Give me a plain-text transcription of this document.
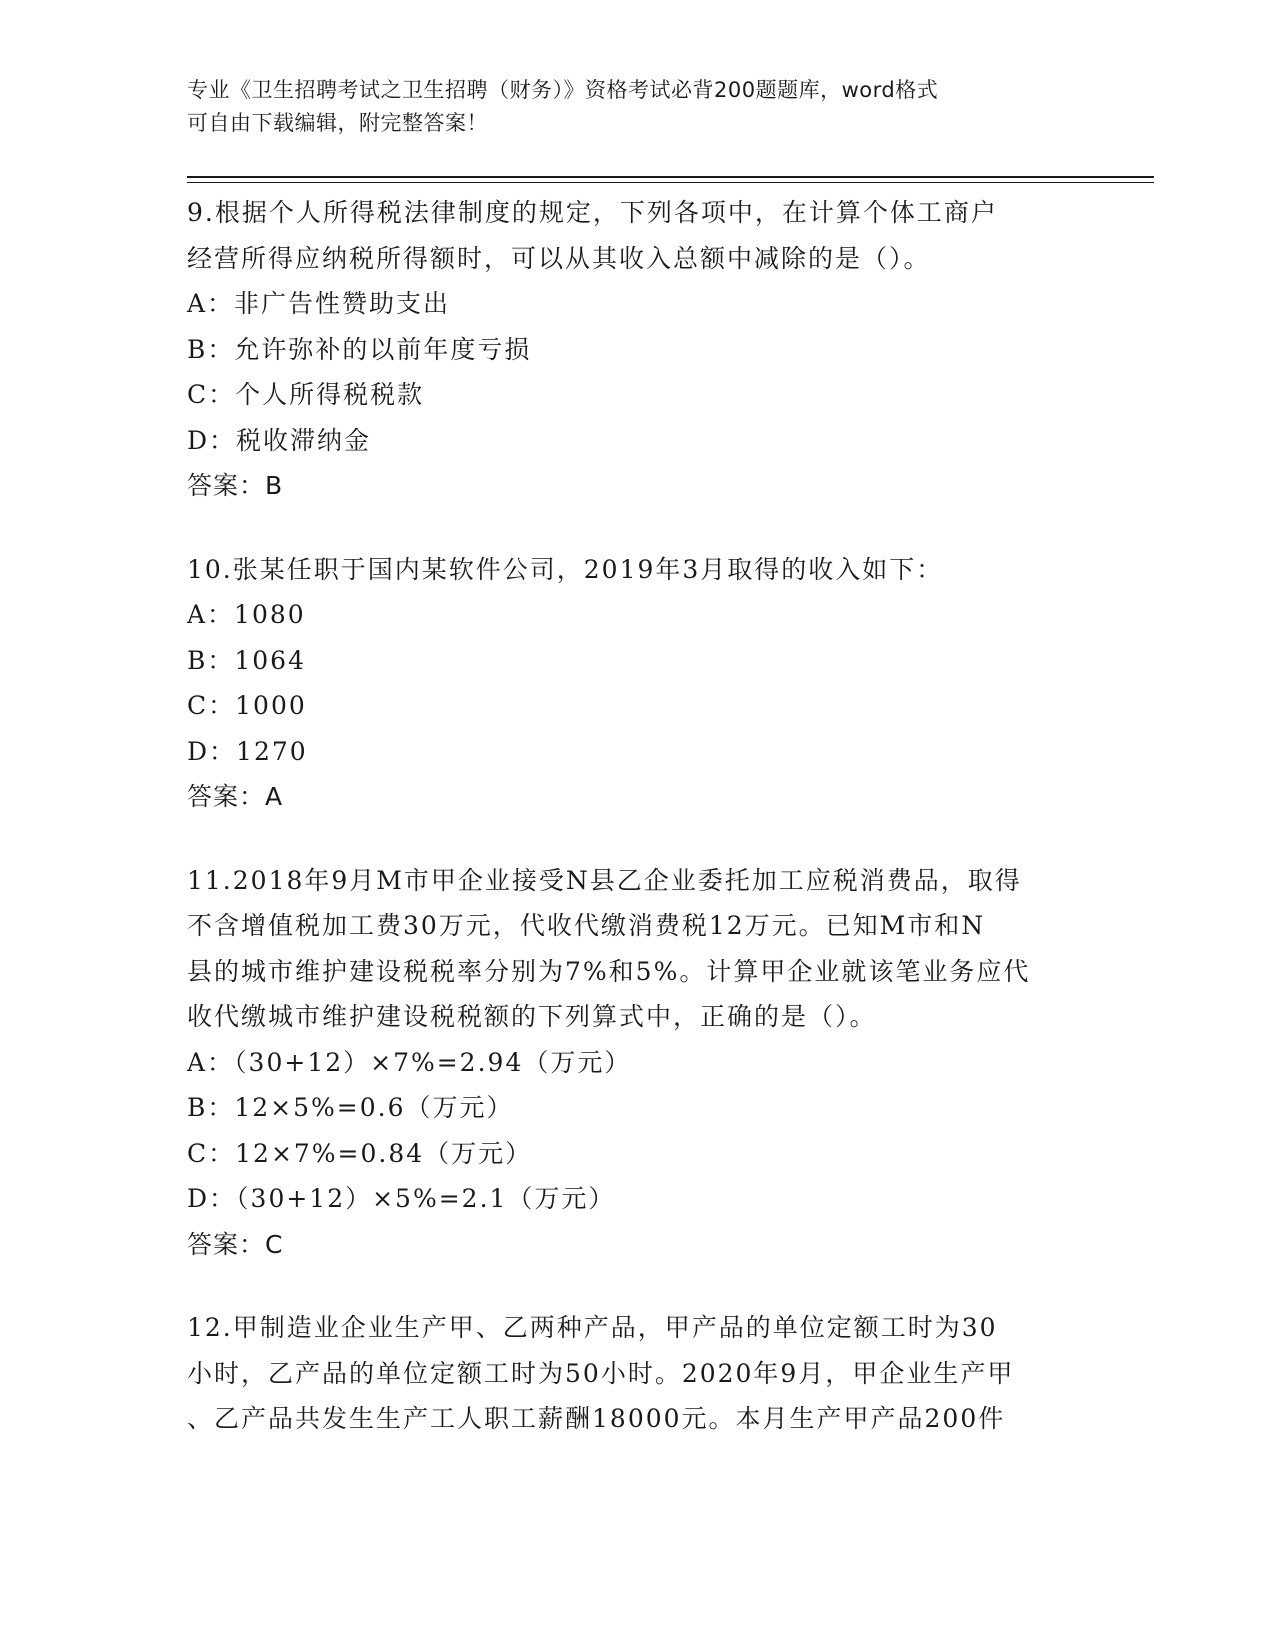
专业《卫生招聘考试之卫生招聘（财务）》资格考试必背200题题库，word格式
可自由下载编辑，附完整答案！
9.根据个人所得税法律制度的规定，下列各项中，在计算个体工商户
经营所得应纳税所得额时，可以从其收入总额中减除的是（）。
A：非广告性赞助支出
B：允许弥补的以前年度亏损
C：个人所得税税款
D：税收滞纳金
答案：B
10.张某任职于国内某软件公司，2019年3月取得的收入如下：
A：1080
B：1064
C：1000
D：1270
答案：A
11.2018年9月M市甲企业接受N县乙企业委托加工应税消费品，取得
不含增值税加工费30万元，代收代缴消费税12万元。已知M市和N
县的城市维护建设税税率分别为7%和5%。计算甲企业就该笔业务应代
收代缴城市维护建设税税额的下列算式中，正确的是（）。
A：（30+12）×7%=2.94（万元）
B：12×5%=0.6（万元）
C：12×7%=0.84（万元）
D：（30+12）×5%=2.1（万元）
答案：C
12.甲制造业企业生产甲、乙两种产品，甲产品的单位定额工时为30
小时，乙产品的单位定额工时为50小时。2020年9月，甲企业生产甲
、乙产品共发生生产工人职工薪酬18000元。本月生产甲产品200件
